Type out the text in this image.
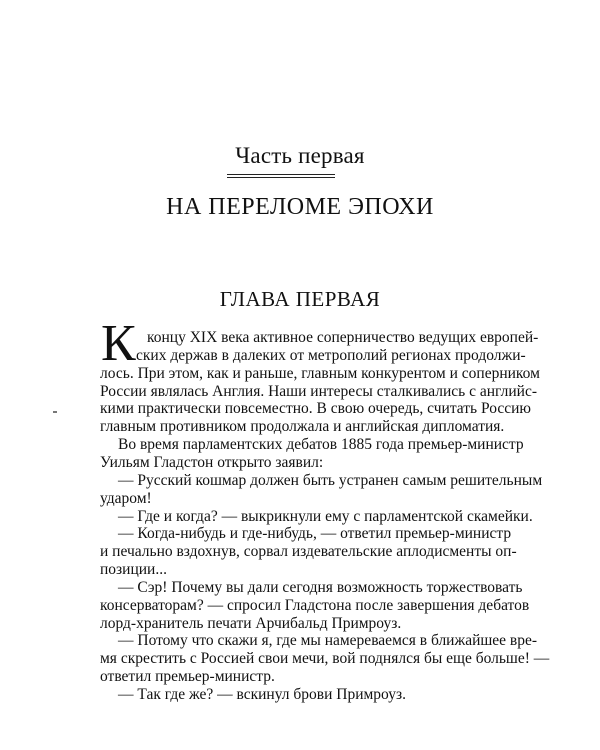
Часть первая
НА ПЕРЕЛОМЕ ЭПОХИ
ГЛАВА ПЕРВАЯ
К концу XIX века активное соперничество ведущих европей-
ских держав в далеких от метрополий регионах продолжи-
лось. При этом, как и раньше, главным конкурентом и соперником
России являлась Англия. Наши интересы сталкивались с английс-
кими практически повсеместно. В свою очередь, считать Россию
главным противником продолжала и английская дипломатия.
Во время парламентских дебатов 1885 года премьер-министр
Уильям Гладстон открыто заявил:
— Русский кошмар должен быть устранен самым решительным
ударом!
— Где и когда? — выкрикнули ему с парламентской скамейки.
— Когда-нибудь и где-нибудь, — ответил премьер-министр
и печально вздохнув, сорвал издевательские аплодисменты оп-
позиции...
— Сэр! Почему вы дали сегодня возможность торжествовать
консерваторам? — спросил Гладстона после завершения дебатов
лорд-хранитель печати Арчибальд Примроуз.
— Потому что скажи я, где мы намереваемся в ближайшее вре-
мя скрестить с Россией свои мечи, вой поднялся бы еще больше! —
ответил премьер-министр.
— Так где же? — вскинул брови Примроуз.
